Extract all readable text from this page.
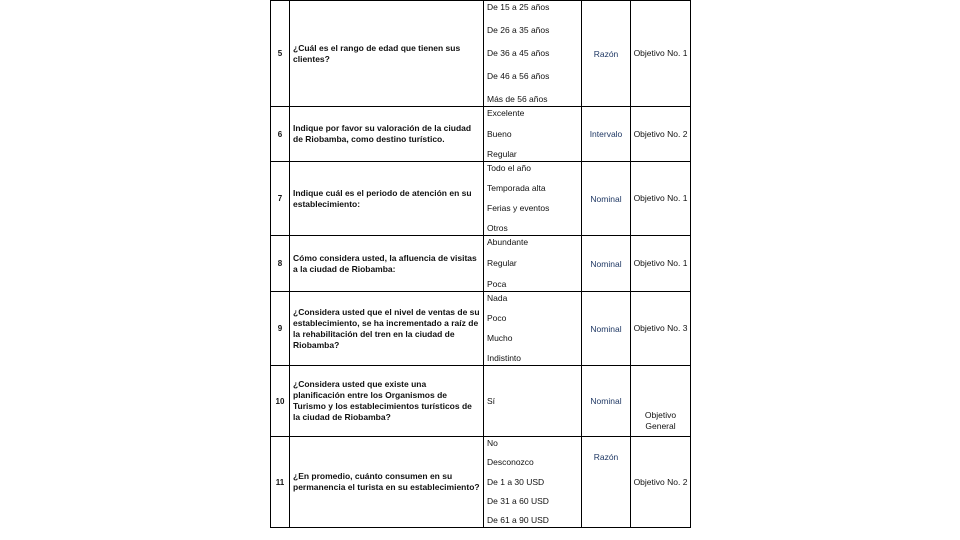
5	¿Cuál es el rango de edad que tienen sus clientes?	De 15 a 25 años
De 26 a 35 años
De 36 a 45 años
De 46 a 56 años
Más de 56 años	Razón	Objetivo No. 1
6	Indique por favor su valoración de la ciudad de Riobamba, como destino turístico.	Excelente
Bueno
Regular	Intervalo	Objetivo No. 2
7	Indique cuál es el periodo de atención en su establecimiento:	Todo el año
Temporada alta
Ferias y eventos
Otros	Nominal	Objetivo No. 1
8	Cómo considera usted, la afluencia de visitas a la ciudad de Riobamba:	Abundante
Regular
Poca	Nominal	Objetivo No. 1
9	¿Considera usted que el nivel de ventas de su establecimiento, se ha incrementado a raíz de la rehabilitación del tren en la ciudad de Riobamba?	Nada
Poco
Mucho
Indistinto	Nominal	Objetivo No. 3
10	¿Considera usted que existe una planificación entre los Organismos de Turismo y los establecimientos turísticos de la ciudad de Riobamba?	Sí	Nominal	Objetivo General
11	¿En promedio, cuánto consumen en su permanencia el turista en su establecimiento?	No
Desconozco
De 1 a 30 USD
De 31 a 60 USD
De 61 a 90 USD	Razón	Objetivo No. 2
